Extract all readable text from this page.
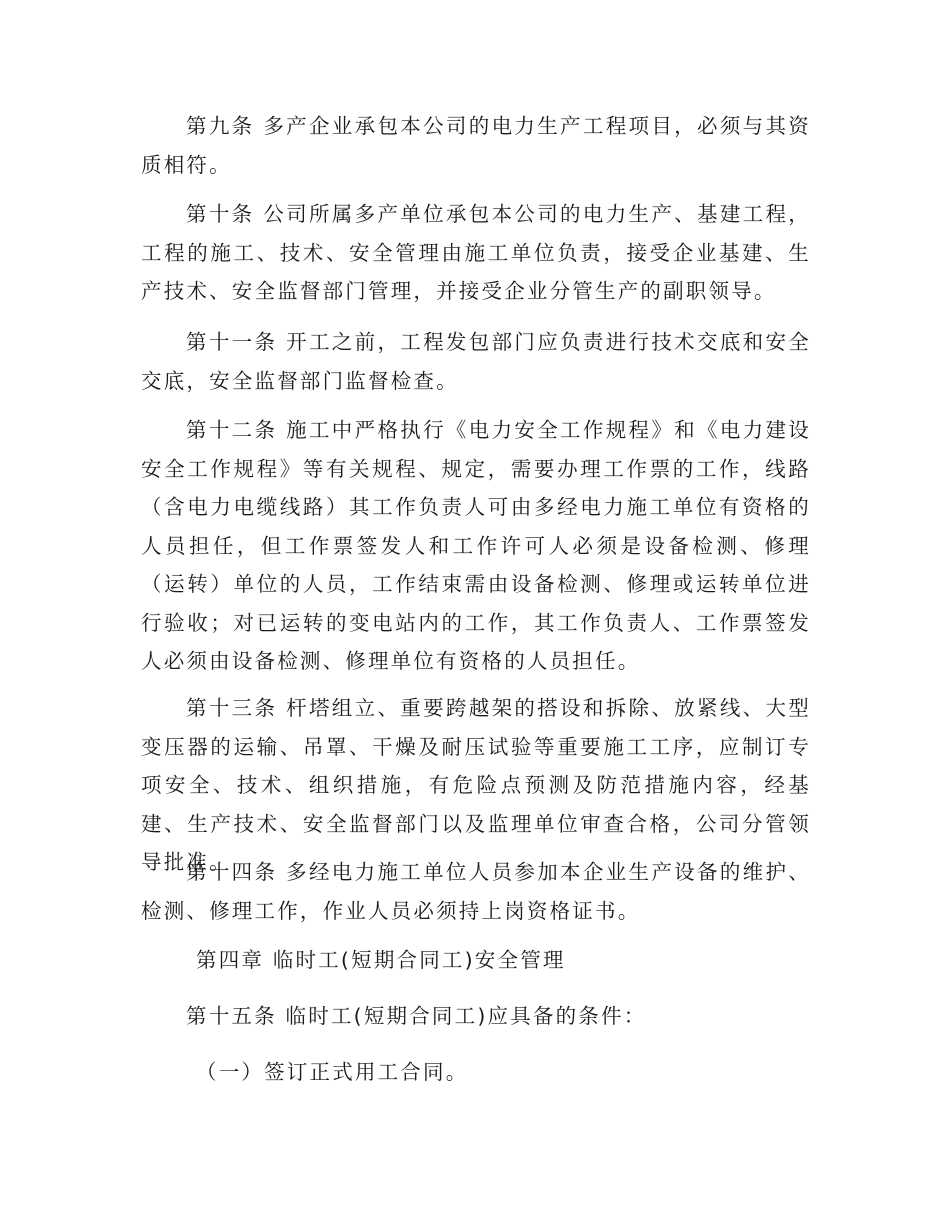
第九条 多产企业承包本公司的电力生产工程项目，必须与其资质相符。

第十条 公司所属多产单位承包本公司的电力生产、基建工程，工程的施工、技术、安全管理由施工单位负责，接受企业基建、生产技术、安全监督部门管理，并接受企业分管生产的副职领导。

第十一条 开工之前，工程发包部门应负责进行技术交底和安全交底，安全监督部门监督检查。

第十二条 施工中严格执行《电力安全工作规程》和《电力建设安全工作规程》等有关规程、规定，需要办理工作票的工作，线路（含电力电缆线路）其工作负责人可由多经电力施工单位有资格的人员担任，但工作票签发人和工作许可人必须是设备检测、修理（运转）单位的人员，工作结束需由设备检测、修理或运转单位进行验收；对已运转的变电站内的工作，其工作负责人、工作票签发人必须由设备检测、修理单位有资格的人员担任。

第十三条 杆塔组立、重要跨越架的搭设和拆除、放紧线、大型变压器的运输、吊罩、干燥及耐压试验等重要施工工序，应制订专项安全、技术、组织措施，有危险点预测及防范措施内容，经基建、生产技术、安全监督部门以及监理单位审查合格，公司分管领导批准。

第十四条 多经电力施工单位人员参加本企业生产设备的维护、检测、修理工作，作业人员必须持上岗资格证书。

第四章 临时工(短期合同工)安全管理

第十五条 临时工(短期合同工)应具备的条件：

（一）签订正式用工合同。
